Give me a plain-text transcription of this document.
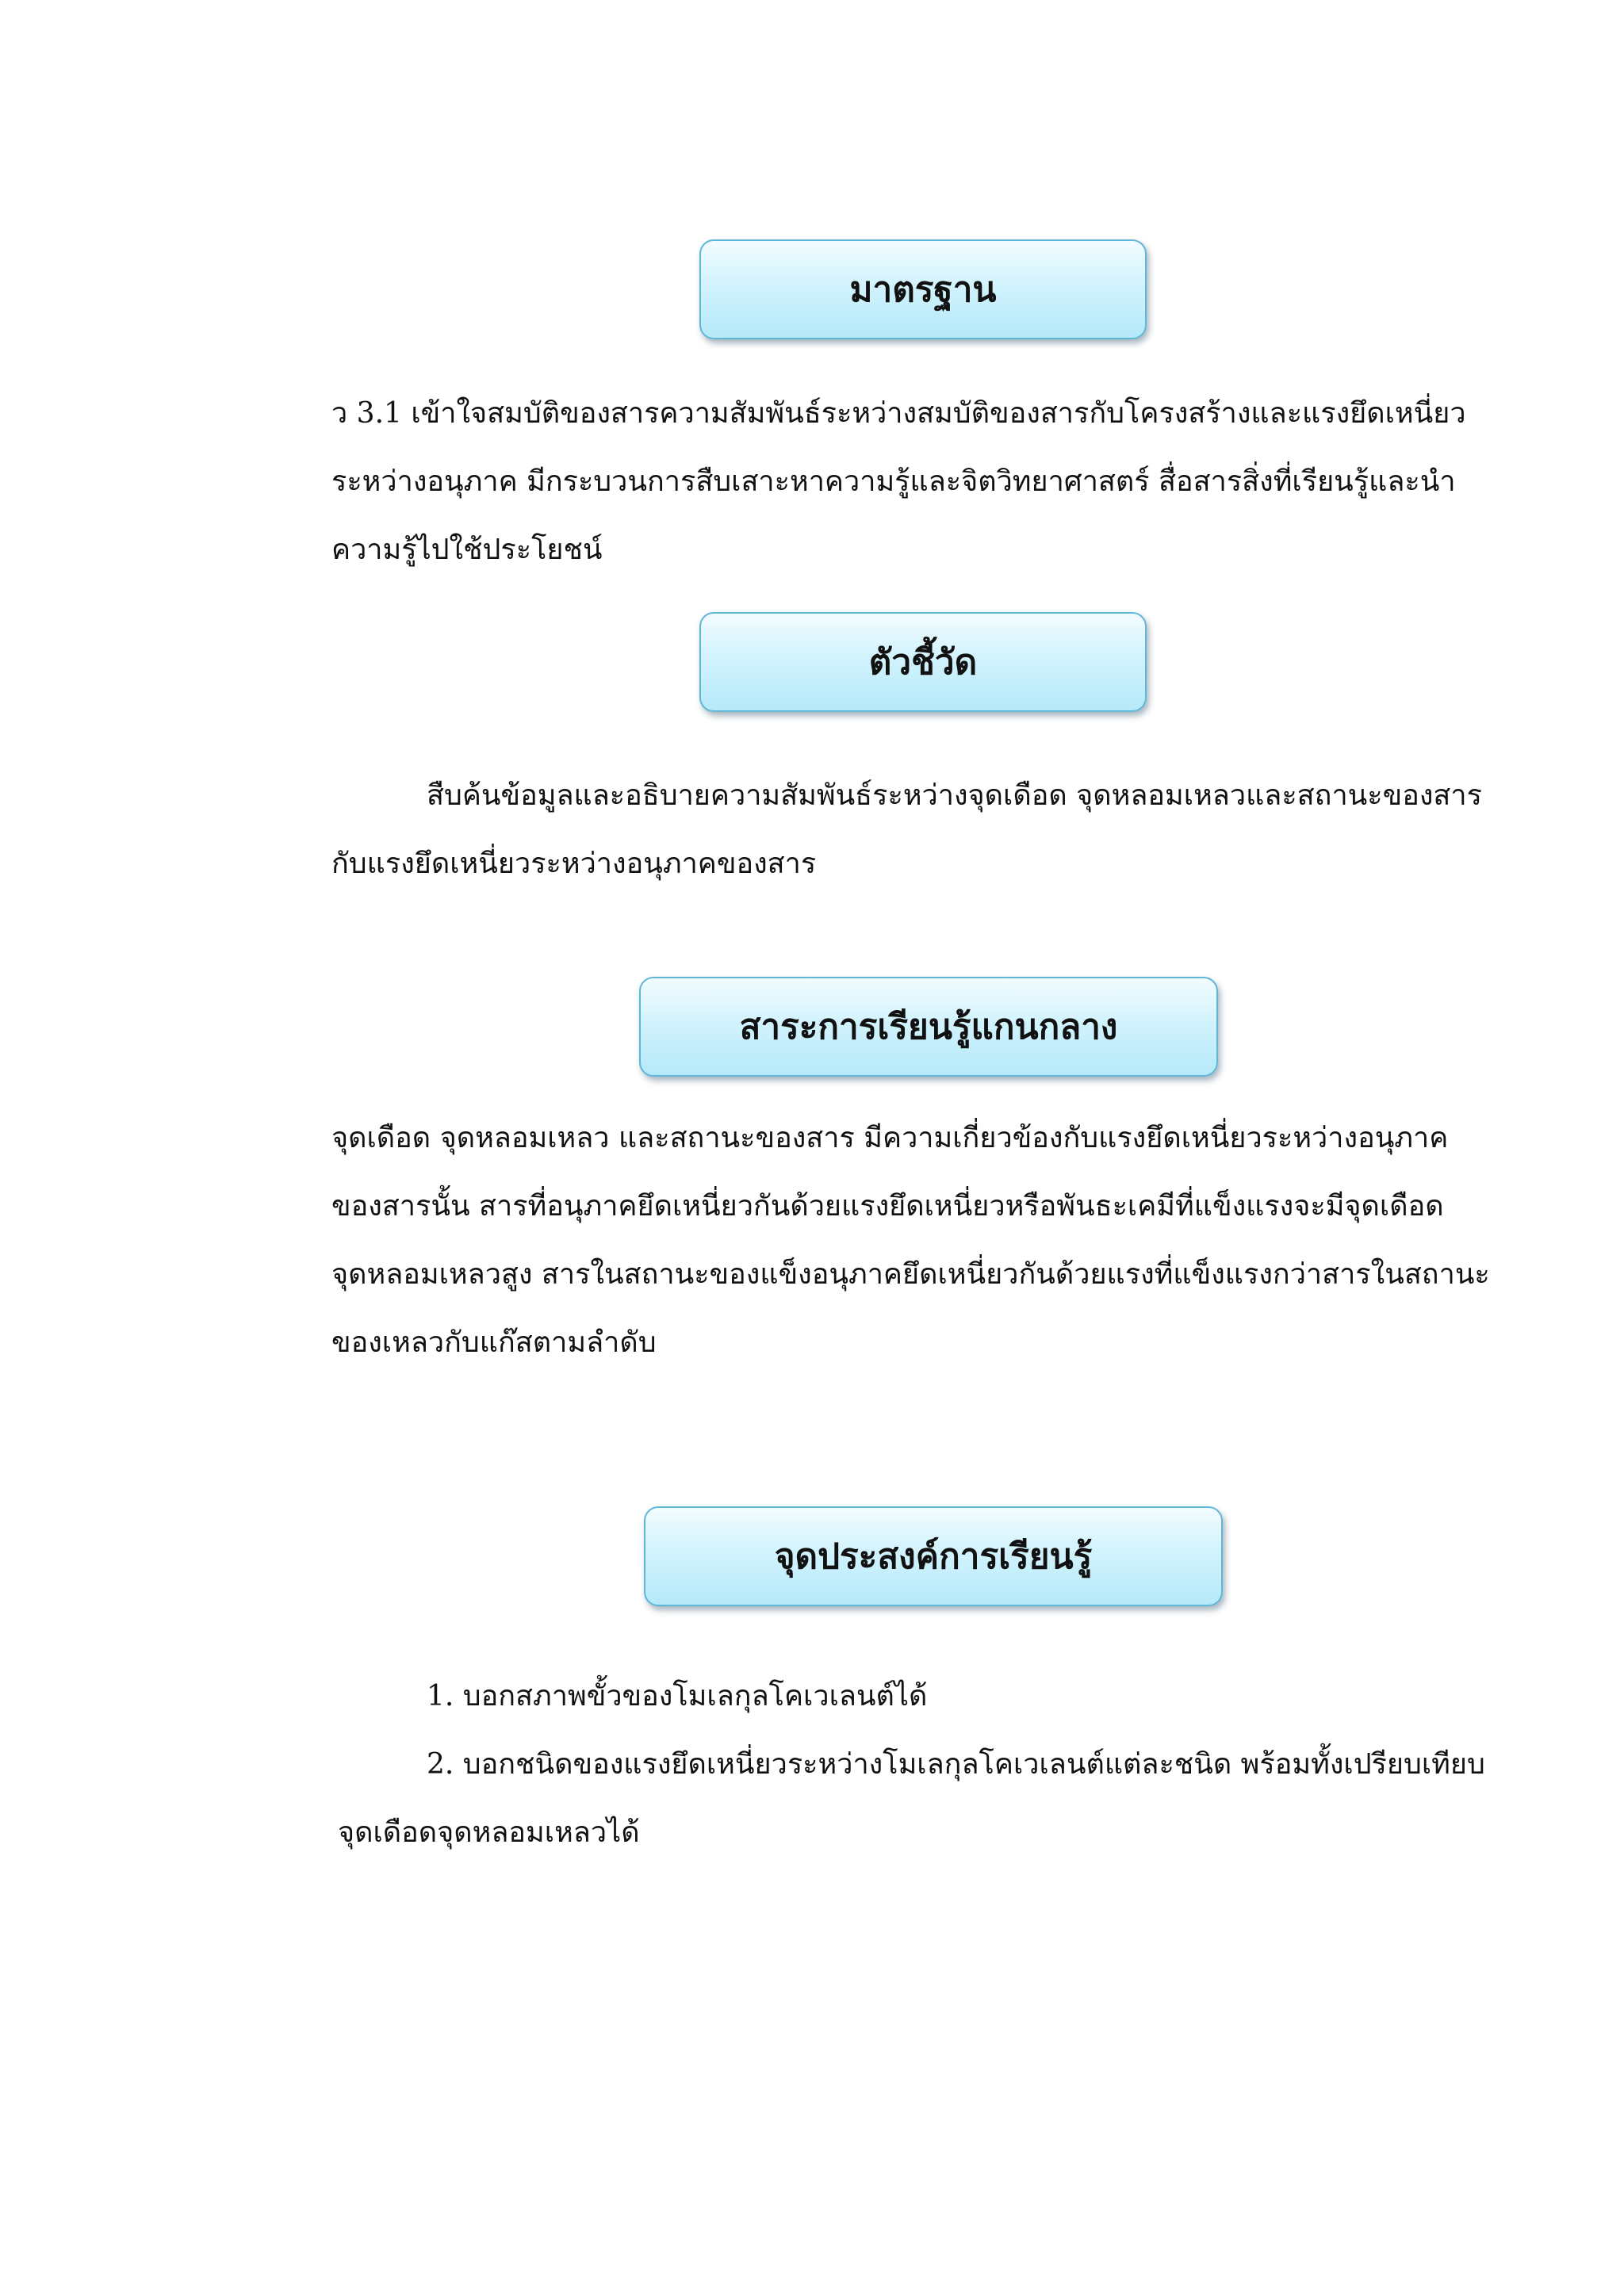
มาตรฐาน
ว 3.1 เข้าใจสมบัติของสารความสัมพันธ์ระหว่างสมบัติของสารกับโครงสร้างและแรงยึดเหนี่ยว
ระหว่างอนุภาค มีกระบวนการสืบเสาะหาความรู้และจิตวิทยาศาสตร์ สื่อสารสิ่งที่เรียนรู้และนำ
ความรู้ไปใช้ประโยชน์
ตัวชี้วัด
สืบค้นข้อมูลและอธิบายความสัมพันธ์ระหว่างจุดเดือด จุดหลอมเหลวและสถานะของสาร
กับแรงยึดเหนี่ยวระหว่างอนุภาคของสาร
สาระการเรียนรู้แกนกลาง
จุดเดือด จุดหลอมเหลว และสถานะของสาร มีความเกี่ยวข้องกับแรงยึดเหนี่ยวระหว่างอนุภาค
ของสารนั้น สารที่อนุภาคยึดเหนี่ยวกันด้วยแรงยึดเหนี่ยวหรือพันธะเคมีที่แข็งแรงจะมีจุดเดือด
จุดหลอมเหลวสูง สารในสถานะของแข็งอนุภาคยึดเหนี่ยวกันด้วยแรงที่แข็งแรงกว่าสารในสถานะ
ของเหลวกับแก๊สตามลำดับ
จุดประสงค์การเรียนรู้
1. บอกสภาพขั้วของโมเลกุลโคเวเลนต์ได้
2. บอกชนิดของแรงยึดเหนี่ยวระหว่างโมเลกุลโคเวเลนต์แต่ละชนิด พร้อมทั้งเปรียบเทียบ
จุดเดือดจุดหลอมเหลวได้
